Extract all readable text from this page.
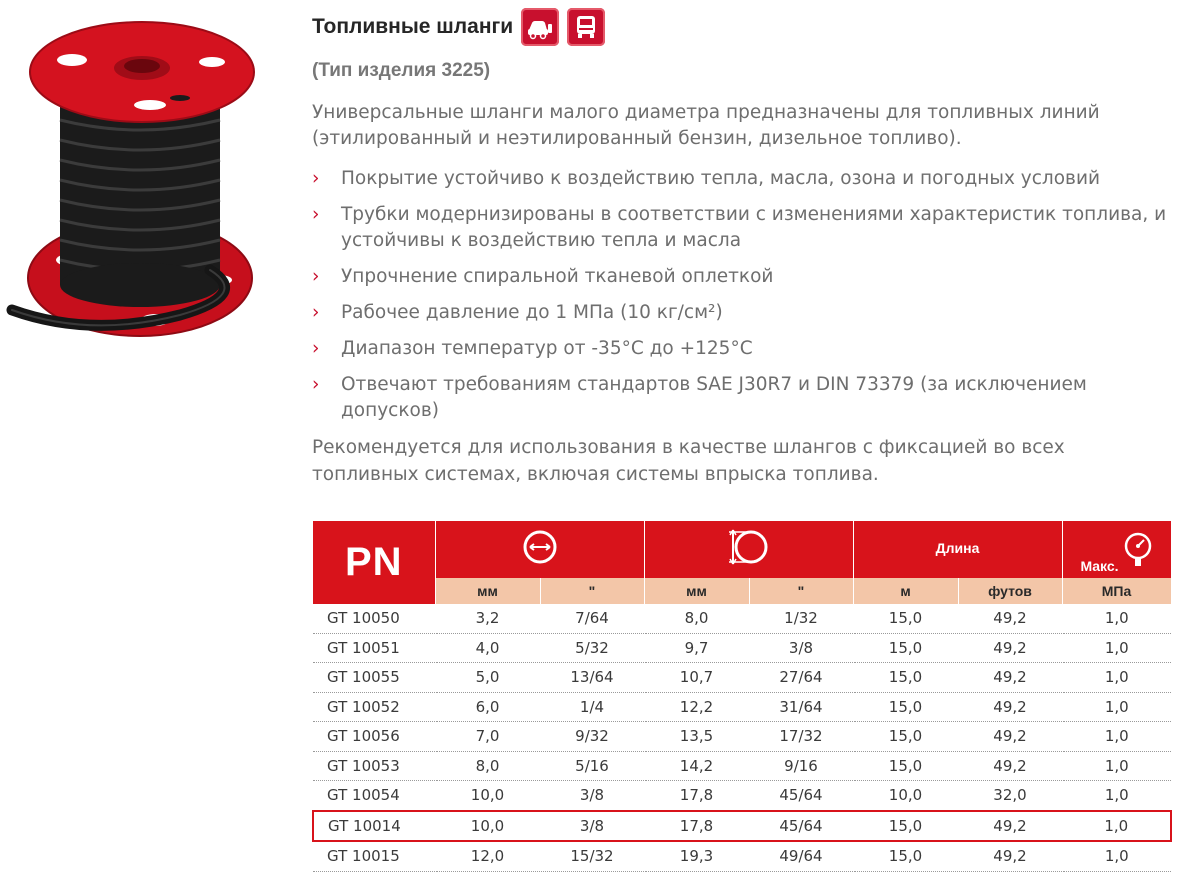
Топливные шланги
(Тип изделия 3225)

Универсальные шланги малого диаметра предназначены для топливных линий (этилированный и неэтилированный бензин, дизельное топливо).

› Покрытие устойчиво к воздействию тепла, масла, озона и погодных условий
› Трубки модернизированы в соответствии с изменениями характеристик топлива, и устойчивы к воздействию тепла и масла
› Упрочнение спиральной тканевой оплеткой
› Рабочее давление до 1 МПа (10 кг/см²)
› Диапазон температур от -35°C до +125°C
› Отвечают требованиям стандартов SAE J30R7 и DIN 73379 (за исключением допусков)

Рекомендуется для использования в качестве шлангов с фиксацией во всех топливных системах, включая системы впрыска топлива.

PN					Длина		Макс.

	мм	"	мм	"	м	футов	МПа
GT 10050	3,2	7/64	8,0	1/32	15,0	49,2	1,0
GT 10051	4,0	5/32	9,7	3/8	15,0	49,2	1,0
GT 10055	5,0	13/64	10,7	27/64	15,0	49,2	1,0
GT 10052	6,0	1/4	12,2	31/64	15,0	49,2	1,0
GT 10056	7,0	9/32	13,5	17/32	15,0	49,2	1,0
GT 10053	8,0	5/16	14,2	9/16	15,0	49,2	1,0
GT 10054	10,0	3/8	17,8	45/64	10,0	32,0	1,0
GT 10014	10,0	3/8	17,8	45/64	15,0	49,2	1,0
GT 10015	12,0	15/32	19,3	49/64	15,0	49,2	1,0
